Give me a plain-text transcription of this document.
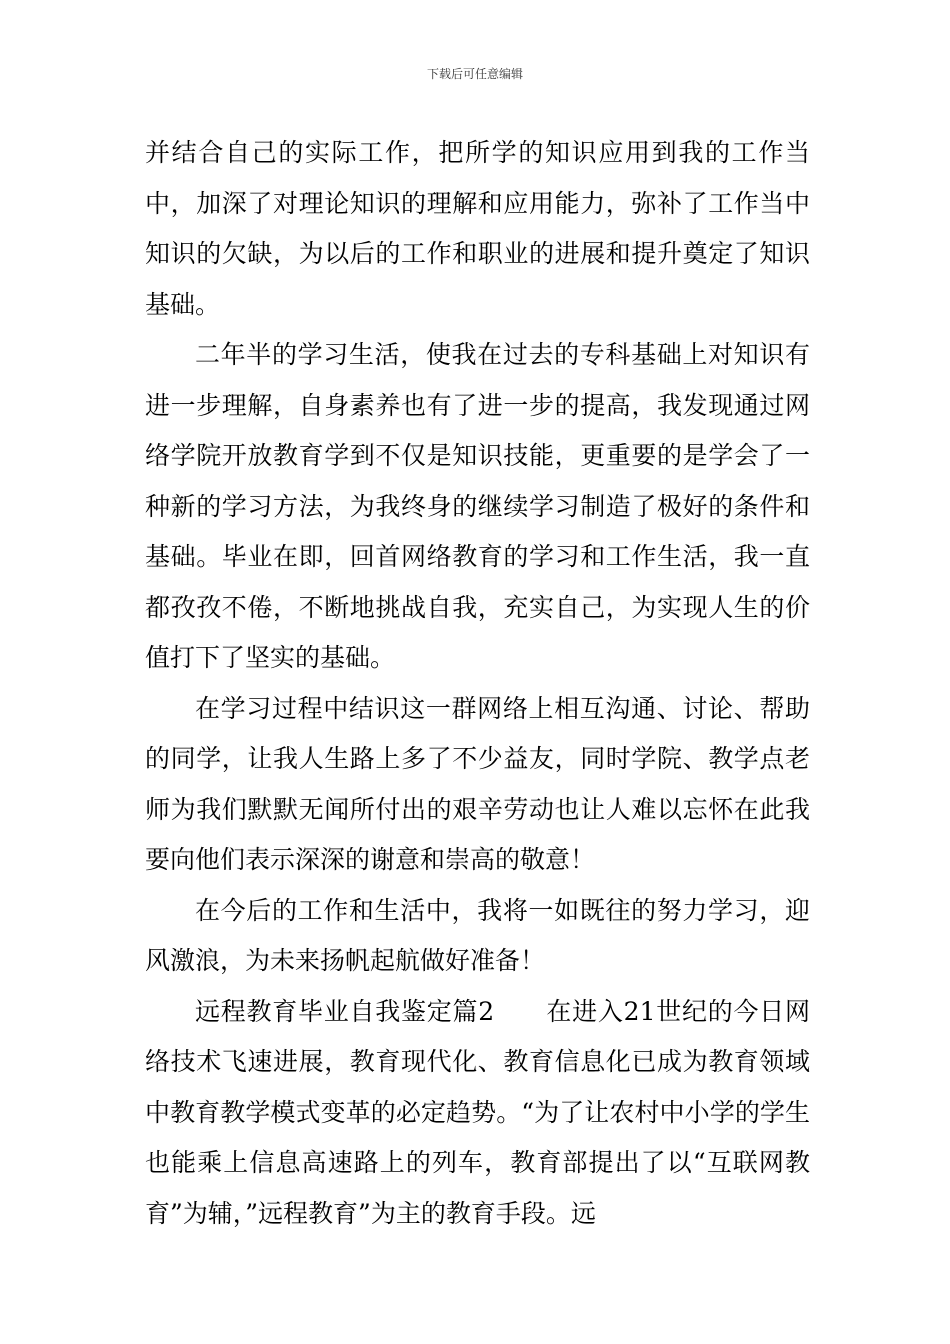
下载后可任意编辑

并结合自己的实际工作，把所学的知识应用到我的工作当中，加深了对理论知识的理解和应用能力，弥补了工作当中知识的欠缺，为以后的工作和职业的进展和提升奠定了知识基础。

二年半的学习生活，使我在过去的专科基础上对知识有进一步理解，自身素养也有了进一步的提高，我发现通过网络学院开放教育学到不仅是知识技能，更重要的是学会了一种新的学习方法，为我终身的继续学习制造了极好的条件和基础。毕业在即，回首网络教育的学习和工作生活，我一直都孜孜不倦，不断地挑战自我，充实自己，为实现人生的价值打下了坚实的基础。

在学习过程中结识这一群网络上相互沟通、讨论、帮助的同学，让我人生路上多了不少益友，同时学院、教学点老师为我们默默无闻所付出的艰辛劳动也让人难以忘怀在此我要向他们表示深深的谢意和崇高的敬意！

在今后的工作和生活中，我将一如既往的努力学习，迎风激浪，为未来扬帆起航做好准备！

远程教育毕业自我鉴定篇2　　在进入21世纪的今日网络技术飞速进展，教育现代化、教育信息化已成为教育领域中教育教学模式变革的必定趋势。“为了让农村中小学的学生也能乘上信息高速路上的列车，教育部提出了以“互联网教育”为辅，”远程教育”为主的教育手段。远
